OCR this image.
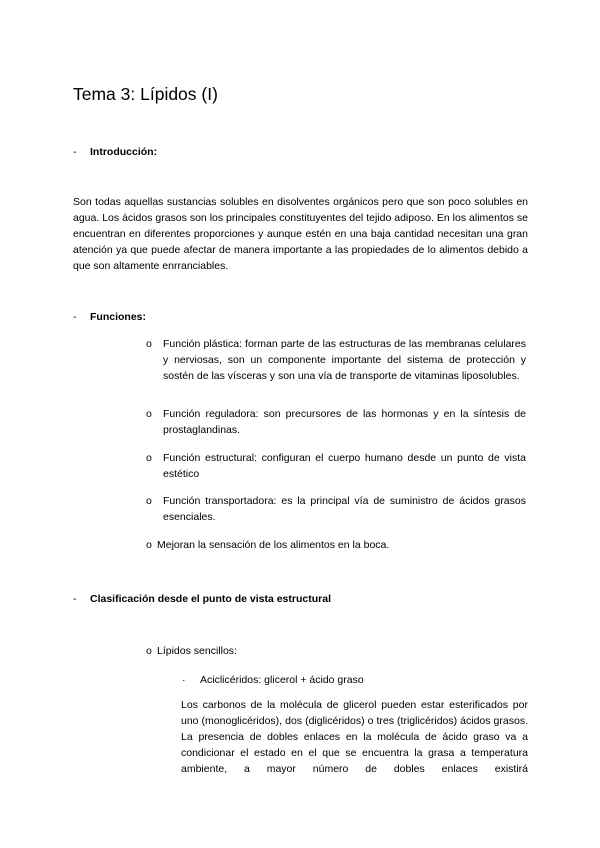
Tema 3: Lípidos (I)
- Introducción:

Son todas aquellas sustancias solubles en disolventes orgánicos pero que son poco solubles en agua. Los ácidos grasos son los principales constituyentes del tejido adiposo. En los alimentos se encuentran en diferentes proporciones y aunque estén en una baja cantidad necesitan una gran atención ya que puede afectar de manera importante a las propiedades de lo alimentos debido a que son altamente enrranciables.

- Funciones:
o Función plástica: forman parte de las estructuras de las membranas celulares y nerviosas, son un componente importante del sistema de protección y sostén de las vísceras y son una vía de transporte de vitaminas liposolubles.
o Función reguladora: son precursores de las hormonas y en la síntesis de prostaglandinas.
o Función estructural: configuran el cuerpo humano desde un punto de vista estético
o Función transportadora: es la principal vía de suministro de ácidos grasos esenciales.
o Mejoran la sensación de los alimentos en la boca.
- Clasificación desde el punto de vista estructural
o Lípidos sencillos:
· Aciclicéridos: glicerol + ácido graso

Los carbonos de la molécula de glicerol pueden estar esterificados por uno (monoglicéridos), dos (diglicéridos) o tres (triglicéridos) ácidos grasos. La presencia de dobles enlaces en la molécula de ácido graso va a condicionar el estado en el que se encuentra la grasa a temperatura ambiente, a mayor número de dobles enlaces existirá
